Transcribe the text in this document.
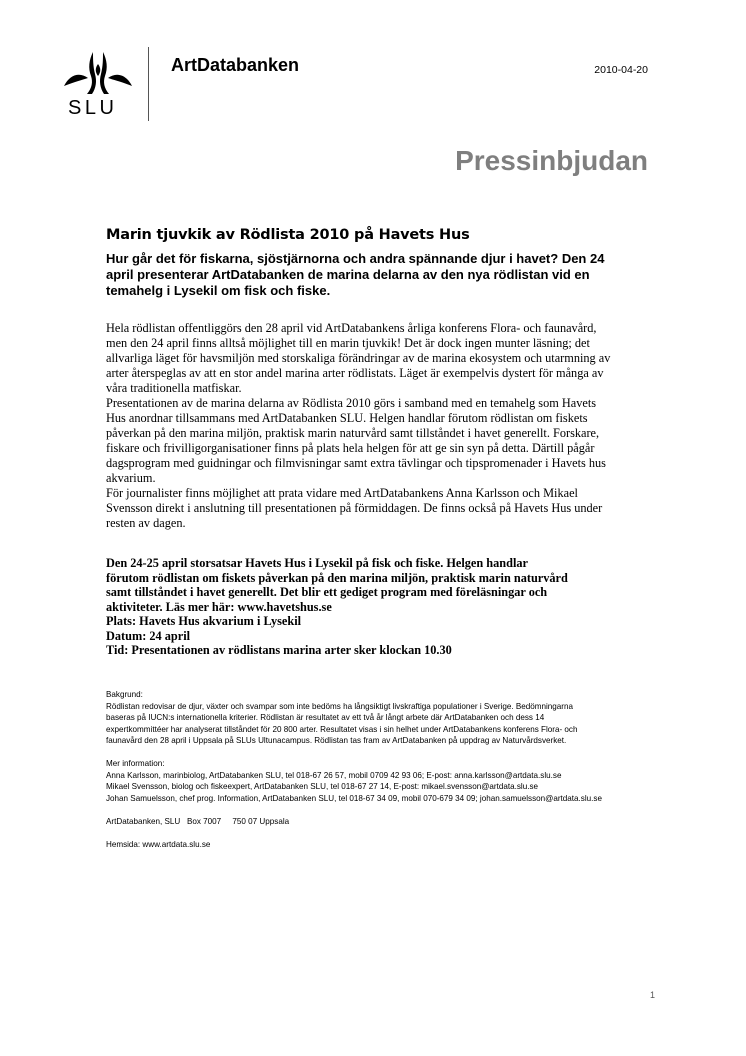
SLU
ArtDatabanken	2010-04-20
Pressinbjudan
Marin tjuvkik av Rödlista 2010 på Havets Hus
Hur går det för fiskarna, sjöstjärnorna och andra spännande djur i havet? Den 24
april presenterar ArtDatabanken de marina delarna av den nya rödlistan vid en
temahelg i Lysekil om fisk och fiske.

Hela rödlistan offentliggörs den 28 april vid ArtDatabankens årliga konferens Flora- och faunavård,
men den 24 april finns alltså möjlighet till en marin tjuvkik! Det är dock ingen munter läsning; det
allvarliga läget för havsmiljön med storskaliga förändringar av de marina ekosystem och utarmning av
arter återspeglas av att en stor andel marina arter rödlistats. Läget är exempelvis dystert för många av
våra traditionella matfiskar.

Presentationen av de marina delarna av Rödlista 2010 görs i samband med en temahelg som Havets
Hus anordnar tillsammans med ArtDatabanken SLU. Helgen handlar förutom rödlistan om fiskets
påverkan på den marina miljön, praktisk marin naturvård samt tillståndet i havet generellt. Forskare,
fiskare och frivilligorganisationer finns på plats hela helgen för att ge sin syn på detta. Därtill pågår
dagsprogram med guidningar och filmvisningar samt extra tävlingar och tipspromenader i Havets hus
akvarium.

För journalister finns möjlighet att prata vidare med ArtDatabankens Anna Karlsson och Mikael
Svensson direkt i anslutning till presentationen på förmiddagen. De finns också på Havets Hus under
resten av dagen.

Den 24-25 april storsatsar Havets Hus i Lysekil på fisk och fiske. Helgen handlar
förutom rödlistan om fiskets påverkan på den marina miljön, praktisk marin naturvård
samt tillståndet i havet generellt. Det blir ett gediget program med föreläsningar och
aktiviteter. Läs mer här: www.havetshus.se

Plats: Havets Hus akvarium i Lysekil

Datum: 24 april

Tid: Presentationen av rödlistans marina arter sker klockan 10.30

Bakgrund:

Rödlistan redovisar de djur, växter och svampar som inte bedöms ha långsiktigt livskraftiga populationer i Sverige. Bedömningarna

baseras på IUCN:s internationella kriterier. Rödlistan är resultatet av ett två år långt arbete där ArtDatabanken och dess 14

expertkommittéer har analyserat tillståndet för 20 800 arter. Resultatet visas i sin helhet under ArtDatabankens konferens Flora- och

faunavård den 28 april i Uppsala på SLUs Ultunacampus. Rödlistan tas fram av ArtDatabanken på uppdrag av Naturvårdsverket.

Mer information:

Anna Karlsson, marinbiolog, ArtDatabanken SLU, tel 018-67 26 57, mobil 0709 42 93 06; E-post: anna.karlsson@artdata.slu.se

Mikael Svensson, biolog och fiskeexpert, ArtDatabanken SLU, tel 018-67 27 14, E-post: mikael.svensson@artdata.slu.se

Johan Samuelsson, chef prog. Information, ArtDatabanken SLU, tel 018-67 34 09, mobil 070-679 34 09; johan.samuelsson@artdata.slu.se

ArtDatabanken, SLU   Box 7007     750 07 Uppsala

Hemsida: www.artdata.slu.se

1
